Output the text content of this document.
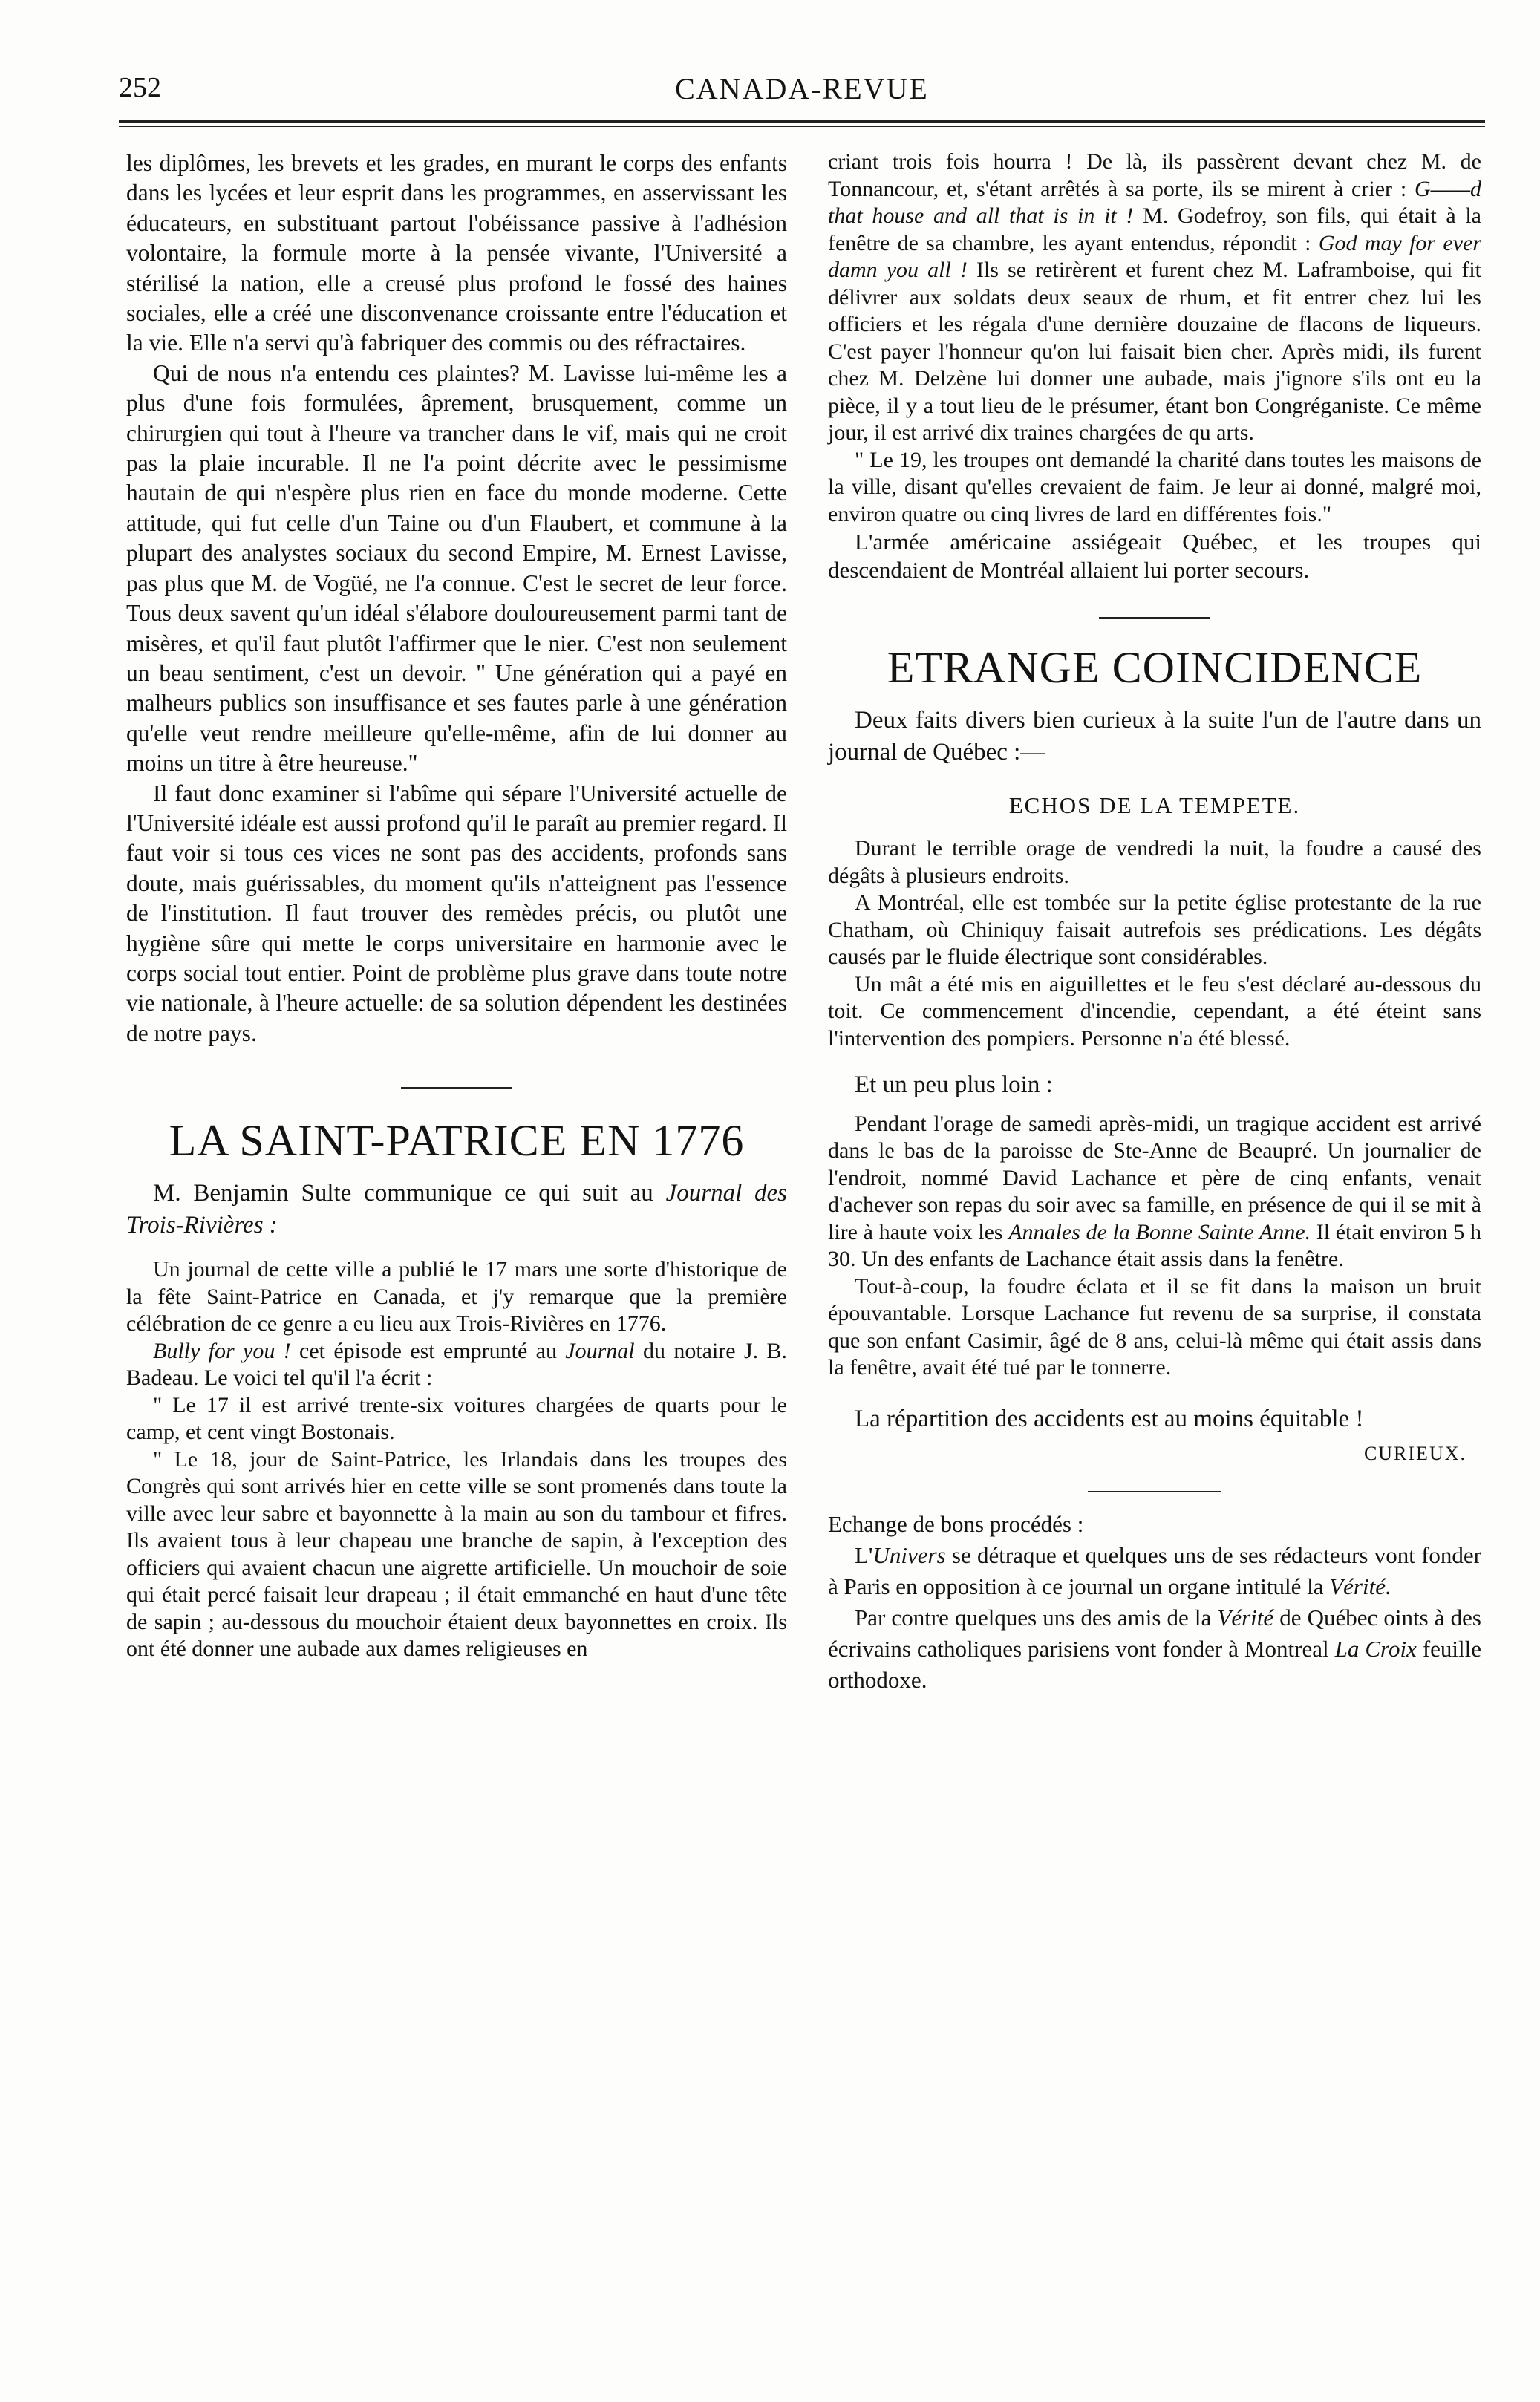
252	CANADA-REVUE

les diplômes, les brevets et les grades, en murant le corps des enfants dans les lycées et leur esprit dans les programmes, en asservissant les éducateurs, en substituant partout l'obéissance passive à l'adhésion volontaire, la formule morte à la pensée vivante, l'Université a stérilisé la nation, elle a creusé plus profond le fossé des haines sociales, elle a créé une disconvenance croissante entre l'éducation et la vie. Elle n'a servi qu'à fabriquer des commis ou des réfractaires.

Qui de nous n'a entendu ces plaintes? M. Lavisse lui-même les a plus d'une fois formulées, âprement, brusquement, comme un chirurgien qui tout à l'heure va trancher dans le vif, mais qui ne croit pas la plaie incurable. Il ne l'a point décrite avec le pessimisme hautain de qui n'espère plus rien en face du monde moderne. Cette attitude, qui fut celle d'un Taine ou d'un Flaubert, et commune à la plupart des analystes sociaux du second Empire, M. Ernest Lavisse, pas plus que M. de Vogüé, ne l'a connue. C'est le secret de leur force. Tous deux savent qu'un idéal s'élabore douloureusement parmi tant de misères, et qu'il faut plutôt l'affirmer que le nier. C'est non seulement un beau sentiment, c'est un devoir. " Une génération qui a payé en malheurs publics son insuffisance et ses fautes parle à une génération qu'elle veut rendre meilleure qu'elle-même, afin de lui donner au moins un titre à être heureuse."

Il faut donc examiner si l'abîme qui sépare l'Université actuelle de l'Université idéale est aussi profond qu'il le paraît au premier regard. Il faut voir si tous ces vices ne sont pas des accidents, profonds sans doute, mais guérissables, du moment qu'ils n'atteignent pas l'essence de l'institution. Il faut trouver des remèdes précis, ou plutôt une hygiène sûre qui mette le corps universitaire en harmonie avec le corps social tout entier. Point de problème plus grave dans toute notre vie nationale, à l'heure actuelle: de sa solution dépendent les destinées de notre pays.

LA SAINT-PATRICE EN 1776

M. Benjamin Sulte communique ce qui suit au Journal des Trois-Rivières :

Un journal de cette ville a publié le 17 mars une sorte d'historique de la fête Saint-Patrice en Canada, et j'y remarque que la première célébration de ce genre a eu lieu aux Trois-Rivières en 1776.

Bully for you ! cet épisode est emprunté au Journal du notaire J. B. Badeau. Le voici tel qu'il l'a écrit :

" Le 17 il est arrivé trente-six voitures chargées de quarts pour le camp, et cent vingt Bostonais.

" Le 18, jour de Saint-Patrice, les Irlandais dans les troupes des Congrès qui sont arrivés hier en cette ville se sont promenés dans toute la ville avec leur sabre et bayonnette à la main au son du tambour et fifres. Ils avaient tous à leur chapeau une branche de sapin, à l'exception des officiers qui avaient chacun une aigrette artificielle. Un mouchoir de soie qui était percé faisait leur drapeau ; il était emmanché en haut d'une tête de sapin ; au-dessous du mouchoir étaient deux bayonnettes en croix. Ils ont été donner une aubade aux dames religieuses en

criant trois fois hourra ! De là, ils passèrent devant chez M. de Tonnancour, et, s'étant arrêtés à sa porte, ils se mirent à crier : G——d that house and all that is in it ! M. Godefroy, son fils, qui était à la fenêtre de sa chambre, les ayant entendus, répondit : God may for ever damn you all ! Ils se retirèrent et furent chez M. Laframboise, qui fit délivrer aux soldats deux seaux de rhum, et fit entrer chez lui les officiers et les régala d'une dernière douzaine de flacons de liqueurs. C'est payer l'honneur qu'on lui faisait bien cher. Après midi, ils furent chez M. Delzène lui donner une aubade, mais j'ignore s'ils ont eu la pièce, il y a tout lieu de le présumer, étant bon Congréganiste. Ce même jour, il est arrivé dix traines chargées de qu arts.

" Le 19, les troupes ont demandé la charité dans toutes les maisons de la ville, disant qu'elles crevaient de faim. Je leur ai donné, malgré moi, environ quatre ou cinq livres de lard en différentes fois."

L'armée américaine assiégeait Québec, et les troupes qui descendaient de Montréal allaient lui porter secours.

ETRANGE COINCIDENCE

Deux faits divers bien curieux à la suite l'un de l'autre dans un journal de Québec :—

ECHOS DE LA TEMPETE.

Durant le terrible orage de vendredi la nuit, la foudre a causé des dégâts à plusieurs endroits.

A Montréal, elle est tombée sur la petite église protestante de la rue Chatham, où Chiniquy faisait autrefois ses prédications. Les dégâts causés par le fluide électrique sont considérables.

Un mât a été mis en aiguillettes et le feu s'est déclaré au-dessous du toit. Ce commencement d'incendie, cependant, a été éteint sans l'intervention des pompiers. Personne n'a été blessé.

Et un peu plus loin :

Pendant l'orage de samedi après-midi, un tragique accident est arrivé dans le bas de la paroisse de Ste-Anne de Beaupré. Un journalier de l'endroit, nommé David Lachance et père de cinq enfants, venait d'achever son repas du soir avec sa famille, en présence de qui il se mit à lire à haute voix les Annales de la Bonne Sainte Anne. Il était environ 5 h 30. Un des enfants de Lachance était assis dans la fenêtre.

Tout-à-coup, la foudre éclata et il se fit dans la maison un bruit épouvantable. Lorsque Lachance fut revenu de sa surprise, il constata que son enfant Casimir, âgé de 8 ans, celui-là même qui était assis dans la fenêtre, avait été tué par le tonnerre.

La répartition des accidents est au moins équitable !

CURIEUX.

Echange de bons procédés :

L'Univers se détraque et quelques uns de ses rédacteurs vont fonder à Paris en opposition à ce journal un organe intitulé la Vérité.

Par contre quelques uns des amis de la Vérité de Québec oints à des écrivains catholiques parisiens vont fonder à Montreal La Croix feuille orthodoxe.
